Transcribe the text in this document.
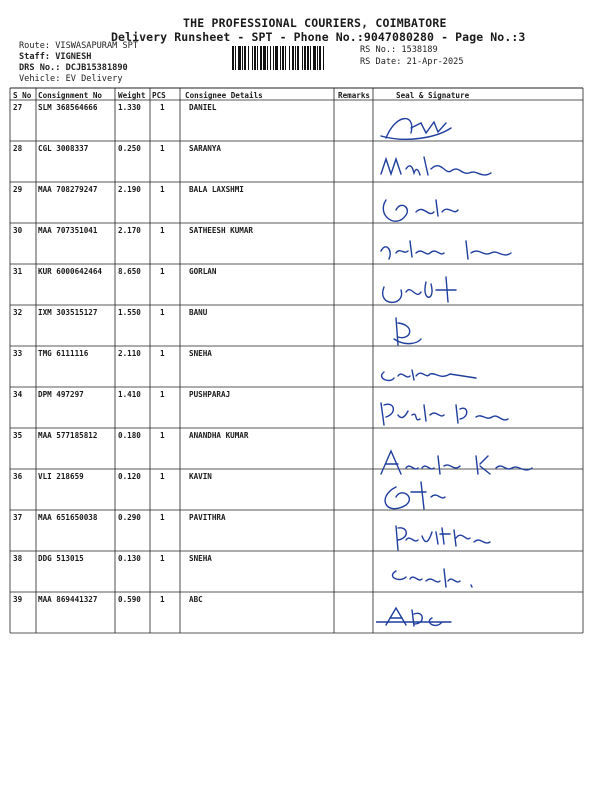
THE PROFESSIONAL COURIERS, COIMBATORE
Delivery Runsheet - SPT - Phone No.:9047080280 - Page No.:3
Route: VISWASAPURAM SPT
Staff: VIGNESH
DRS No.: DCJB15381890
Vehicle: EV Delivery
RS No.: 1538189
RS Date: 21-Apr-2025
S No Consignment No Weight PCS	Consignee Details	Remarks	Seal & Signature
27 SLM 368564666	1.330	1	DANIEL
28 CGL 3008337	0.250	1	SARANYA
29 MAA 708279247	2.190	1	BALA LAXSHMI
30 MAA 707351041	2.170	1	SATHEESH KUMAR
31 KUR 6000642464 8.650	1	GORLAN
32 IXM 303515127	1.550	1	BANU
33 TMG 6111116	2.110	1	SNEHA
34 DPM 497297	1.410	1	PUSHPARAJ
35 MAA 577185812	0.180	1	ANANDHA KUMAR
36 VLI 218659	0.120	1	KAVIN
37 MAA 651650038	0.290	1	PAVITHRA
38 DDG 513015	0.130	1	SNEHA
39 MAA 869441327	0.590	1	ABC
